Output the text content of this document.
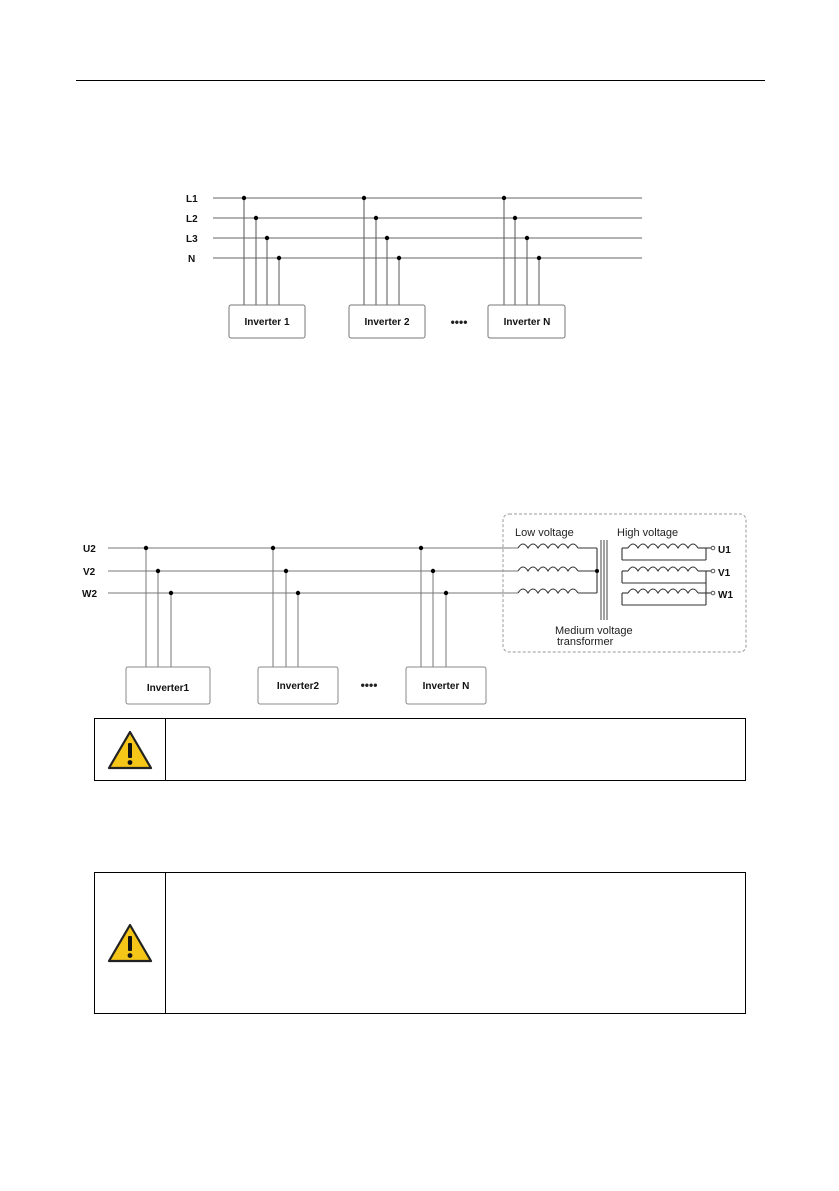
L1
L2
L3
N
Inverter 1	Inverter 2	••••	Inverter N
U2
V2
W2
Inverter1	Inverter2	••••	Inverter N
Low voltage	High voltage
U1
V1
W1
Medium voltage
transformer
